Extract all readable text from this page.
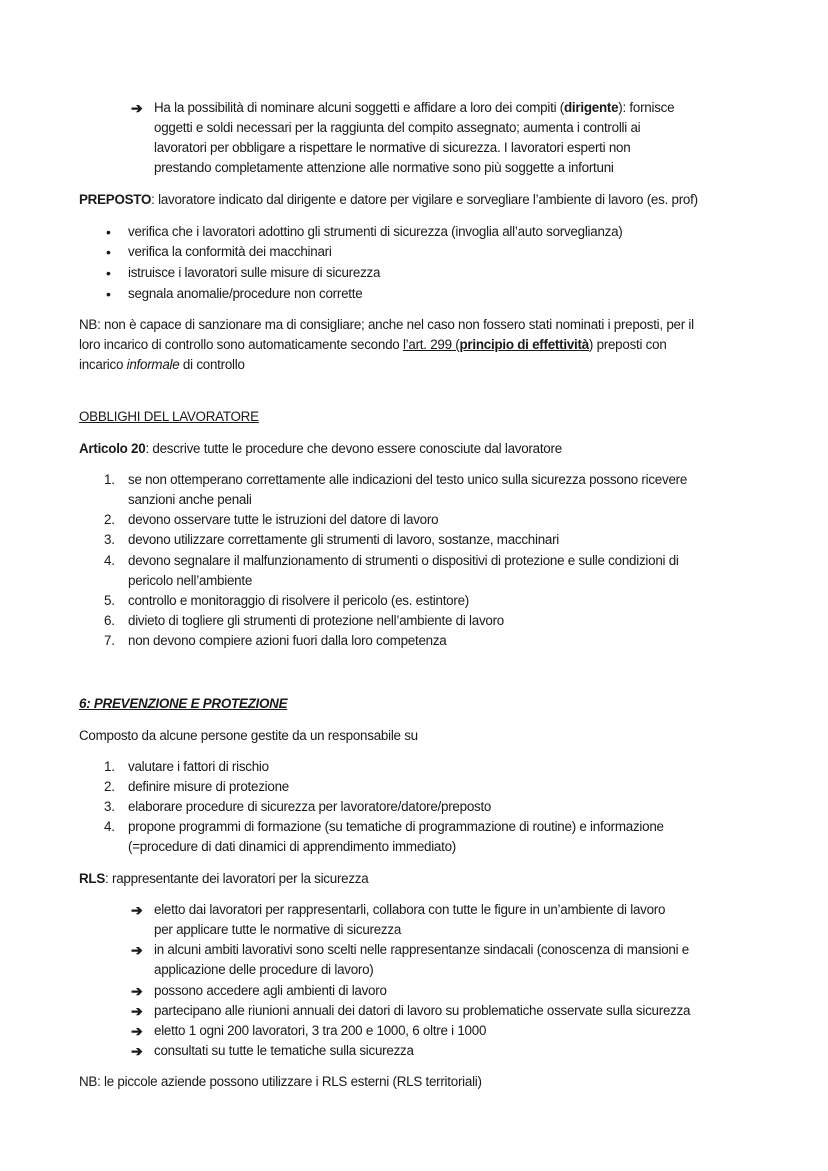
➔ Ha la possibilità di nominare alcuni soggetti e affidare a loro dei compiti (dirigente): fornisce
oggetti e soldi necessari per la raggiunta del compito assegnato; aumenta i controlli ai
lavoratori per obbligare a rispettare le normative di sicurezza. I lavoratori esperti non
prestando completamente attenzione alle normative sono più soggette a infortuni
PREPOSTO: lavoratore indicato dal dirigente e datore per vigilare e sorvegliare l’ambiente di lavoro (es. prof)
• verifica che i lavoratori adottino gli strumenti di sicurezza (invoglia all’auto sorveglianza)
• verifica la conformità dei macchinari
• istruisce i lavoratori sulle misure di sicurezza
• segnala anomalie/procedure non corrette
NB: non è capace di sanzionare ma di consigliare; anche nel caso non fossero stati nominati i preposti, per il
loro incarico di controllo sono automaticamente secondo l’art. 299 (principio di effettività) preposti con
incarico informale di controllo
OBBLIGHI DEL LAVORATORE
Articolo 20: descrive tutte le procedure che devono essere conosciute dal lavoratore
1. se non ottemperano correttamente alle indicazioni del testo unico sulla sicurezza possono ricevere
sanzioni anche penali
2. devono osservare tutte le istruzioni del datore di lavoro
3. devono utilizzare correttamente gli strumenti di lavoro, sostanze, macchinari
4. devono segnalare il malfunzionamento di strumenti o dispositivi di protezione e sulle condizioni di
pericolo nell’ambiente
5. controllo e monitoraggio di risolvere il pericolo (es. estintore)
6. divieto di togliere gli strumenti di protezione nell’ambiente di lavoro
7. non devono compiere azioni fuori dalla loro competenza
6: PREVENZIONE E PROTEZIONE
Composto da alcune persone gestite da un responsabile su
1. valutare i fattori di rischio
2. definire misure di protezione
3. elaborare procedure di sicurezza per lavoratore/datore/preposto
4. propone programmi di formazione (su tematiche di programmazione di routine) e informazione
(=procedure di dati dinamici di apprendimento immediato)
RLS: rappresentante dei lavoratori per la sicurezza
➔ eletto dai lavoratori per rappresentarli, collabora con tutte le figure in un’ambiente di lavoro
per applicare tutte le normative di sicurezza
➔ in alcuni ambiti lavorativi sono scelti nelle rappresentanze sindacali (conoscenza di mansioni e
applicazione delle procedure di lavoro)
➔ possono accedere agli ambienti di lavoro
➔ partecipano alle riunioni annuali dei datori di lavoro su problematiche osservate sulla sicurezza
➔ eletto 1 ogni 200 lavoratori, 3 tra 200 e 1000, 6 oltre i 1000
➔ consultati su tutte le tematiche sulla sicurezza
NB: le piccole aziende possono utilizzare i RLS esterni (RLS territoriali)
